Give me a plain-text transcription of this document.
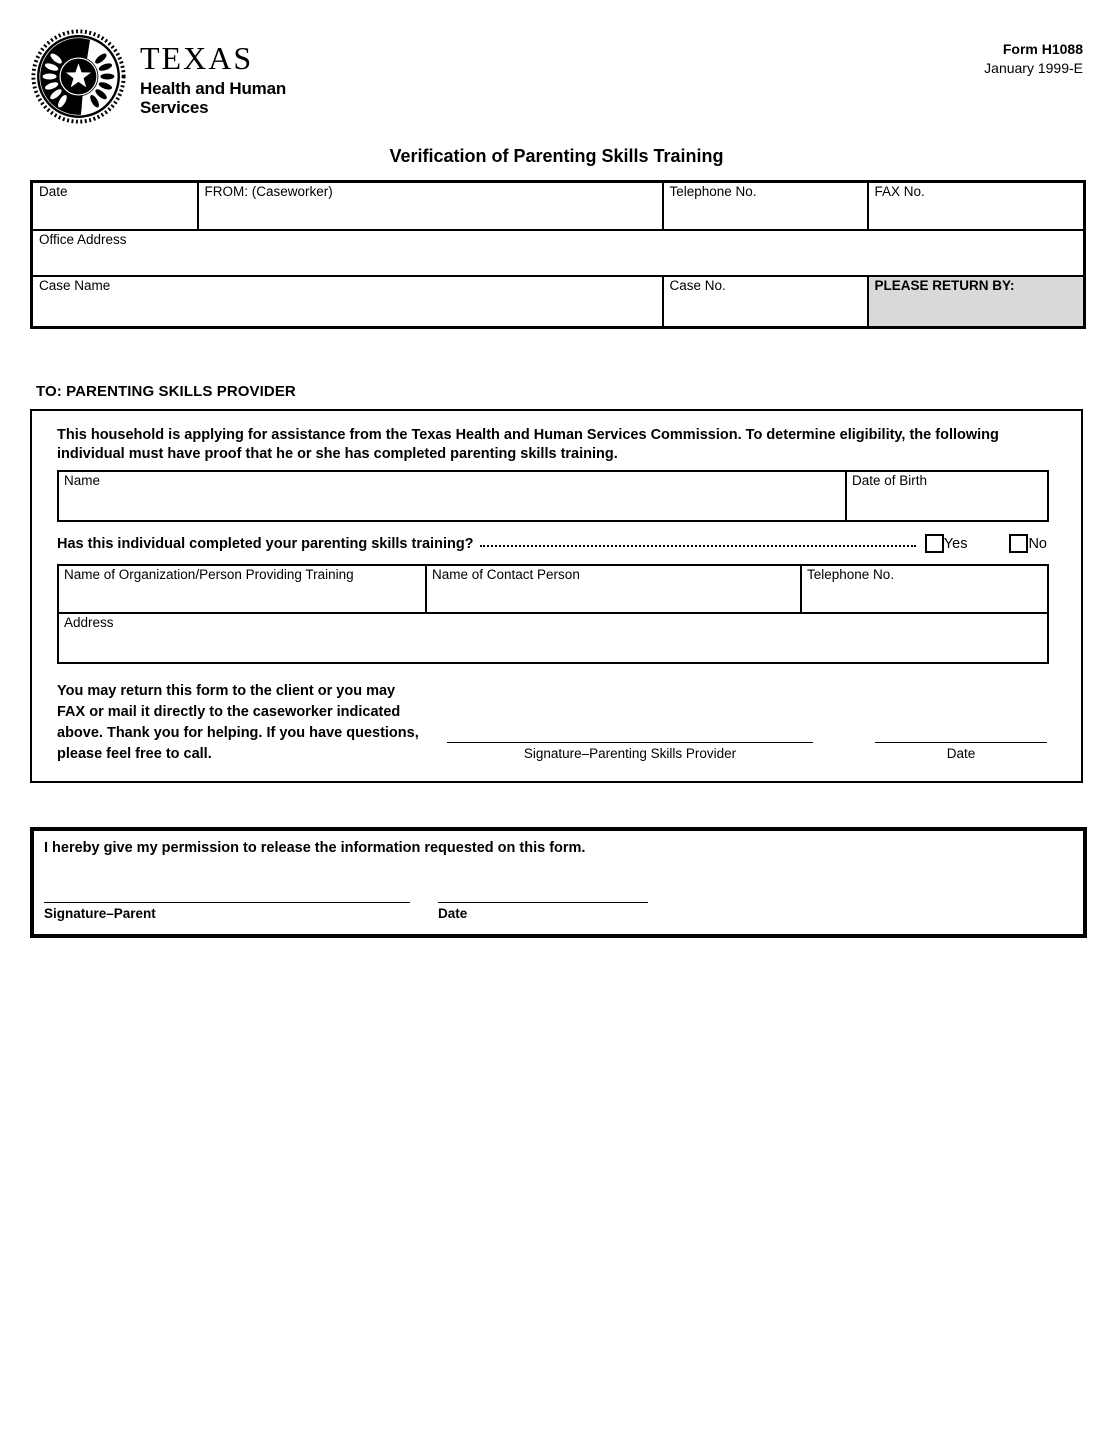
TEXAS
Health and Human
Services
Form H1088
January 1999-E
Verification of Parenting Skills Training
Date	FROM: (Caseworker)	Telephone No.	FAX No.
Office Address			
Case Name		Case No.	PLEASE RETURN BY:
TO: PARENTING SKILLS PROVIDER
This household is applying for assistance from the Texas Health and Human Services Commission. To determine eligibility, the following individual must have proof that he or she has completed parenting skills training.
Name	Date of Birth
Has this individual completed your parenting skills training?	Yes	No
Name of Organization/Person Providing Training	Name of Contact Person	Telephone No.
Address
You may return this form to the client or you may FAX or mail it directly to the caseworker indicated above. Thank you for helping. If you have questions, please feel free to call.	Signature–Parenting Skills Provider	Date
I hereby give my permission to release the information requested on this form.
Signature–Parent	Date
